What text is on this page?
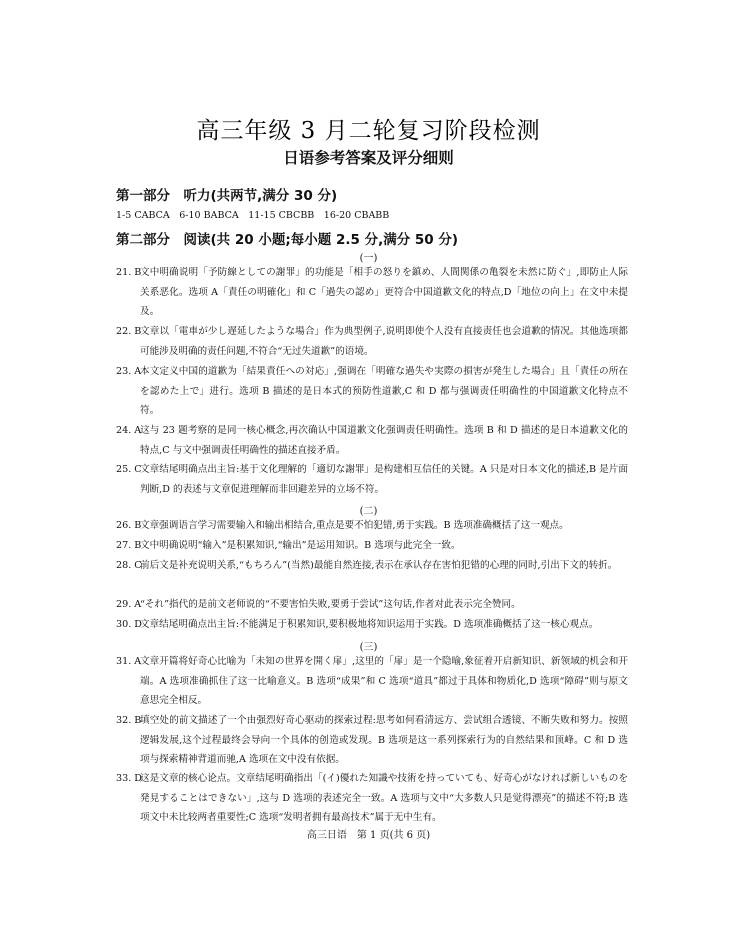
高三年级 3 月二轮复习阶段检测
日语参考答案及评分细则
第一部分　听力(共两节,满分 30 分)
1-5 CABCA　6-10 BABCA　11-15 CBCBB　16-20 CBABB
第二部分　阅读(共 20 小题;每小题 2.5 分,满分 50 分)
(一)
21. B
文中明确说明「予防線としての謝罪」的功能是「相手の怒りを鎮め、人間関係の亀裂を未然に防ぐ」,即防止人际关系恶化。选项 A「責任の明確化」和 C「過失の認め」更符合中国道歉文化的特点,D「地位の向上」在文中未提及。
22. B
文章以「電車が少し遅延したような場合」作为典型例子,说明即使个人没有直接责任也会道歉的情况。其他选项都可能涉及明确的责任问题,不符合“无过失道歉”的语境。
23. A
本文定义中国的道歉为「結果責任への対応」,强调在「明確な過失や実際の損害が発生した場合」且「責任の所在を認めた上で」进行。选项 B 描述的是日本式的预防性道歉,C 和 D 都与强调责任明确性的中国道歉文化特点不符。
24. A
这与 23 题考察的是同一核心概念,再次确认中国道歉文化强调责任明确性。选项 B 和 D 描述的是日本道歉文化的特点,C 与文中强调责任明确性的描述直接矛盾。
25. C
文章结尾明确点出主旨:基于文化理解的「適切な謝罪」是构建相互信任的关键。A 只是对日本文化的描述,B 是片面判断,D 的表述与文章促进理解而非回避差异的立场不符。
(二)
26. B
文章强调语言学习需要输入和输出相结合,重点是要不怕犯错,勇于实践。B 选项准确概括了这一观点。
27. B
文中明确说明“输入”是积累知识,“输出”是运用知识。B 选项与此完全一致。
28. C
前后文是补充说明关系,“もちろん”(当然)最能自然连接,表示在承认存在害怕犯错的心理的同时,引出下文的转折。
29. A
“それ”指代的是前文老师说的“不要害怕失败,要勇于尝试”这句话,作者对此表示完全赞同。
30. D
文章结尾明确点出主旨:不能满足于积累知识,要积极地将知识运用于实践。D 选项准确概括了这一核心观点。
(三)
31. A
文章开篇将好奇心比喻为「未知の世界を開く扉」,这里的「扉」是一个隐喻,象征着开启新知识、新领域的机会和开端。A 选项准确抓住了这一比喻意义。B 选项“成果”和 C 选项“道具”都过于具体和物质化,D 选项“障碍”则与原文意思完全相反。
32. B
填空处的前文描述了一个由强烈好奇心驱动的探索过程:思考如何看清远方、尝试组合透镜、不断失败和努力。按照逻辑发展,这个过程最终会导向一个具体的创造或发现。B 选项是这一系列探索行为的自然结果和顶峰。C 和 D 选项与探索精神背道而驰,A 选项在文中没有依据。
33. D
这是文章的核心论点。文章结尾明确指出「(イ)優れた知識や技術を持っていても、好奇心がなければ新しいものを発見することはできない」,这与 D 选项的表述完全一致。A 选项与文中“大多数人只是觉得漂亮”的描述不符;B 选项文中未比较两者重要性;C 选项“发明者拥有最高技术”属于无中生有。
高三日语　第 1 页(共 6 页)
